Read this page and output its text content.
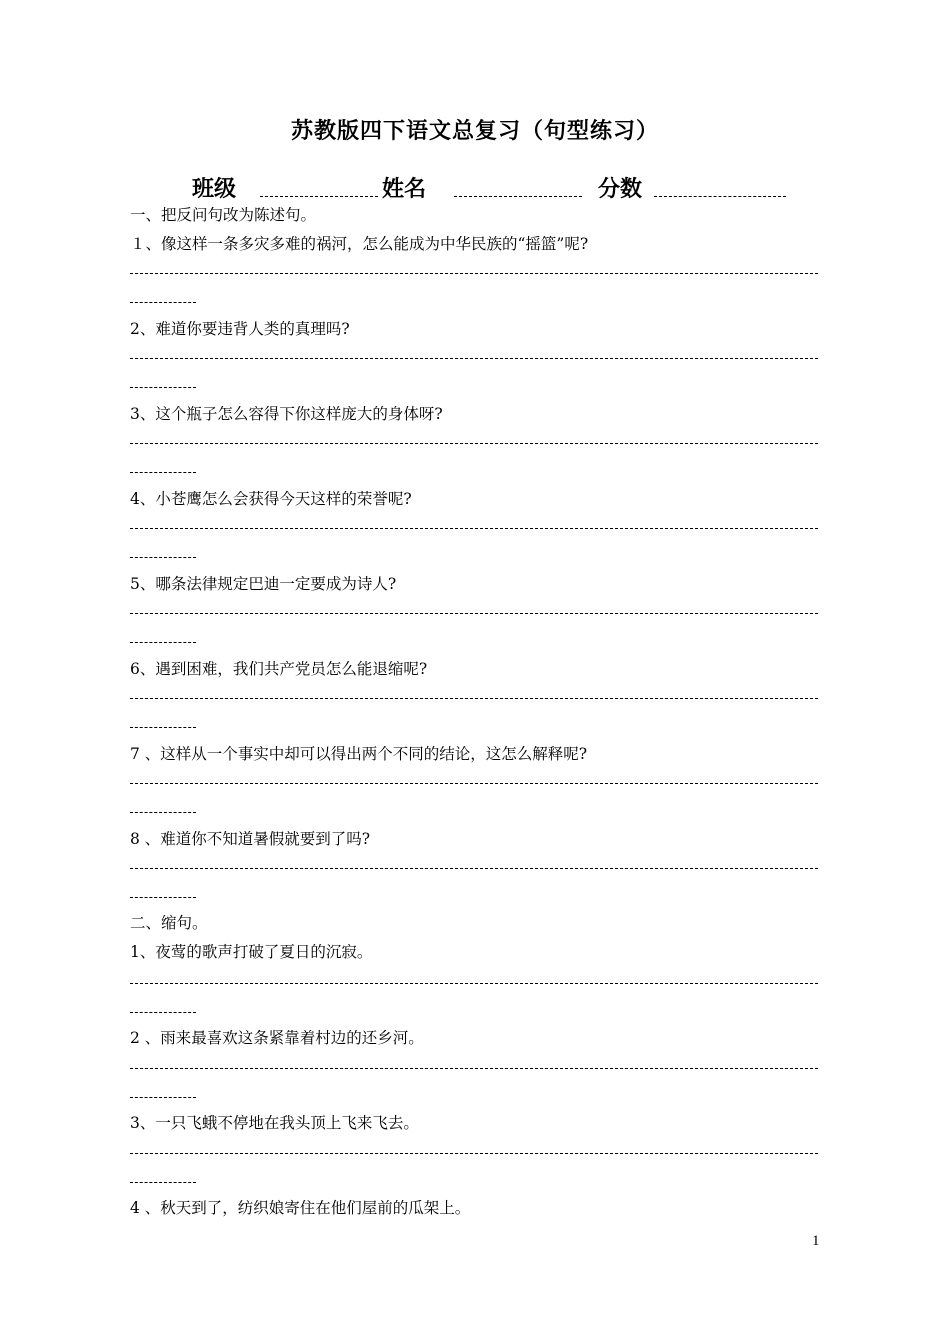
苏教版四下语文总复习（句型练习）
班级	姓名	分数
一、把反问句改为陈述句。
１、像这样一条多灾多难的祸河，怎么能成为中华民族的“摇篮”呢?
2、难道你要违背人类的真理吗?
3、这个瓶子怎么容得下你这样庞大的身体呀?
4、小苍鹰怎么会获得今天这样的荣誉呢?
5、哪条法律规定巴迪一定要成为诗人?
6、遇到困难，我们共产党员怎么能退缩呢?
7 、这样从一个事实中却可以得出两个不同的结论，这怎么解释呢?
8 、难道你不知道暑假就要到了吗?
二、缩句。
1、夜莺的歌声打破了夏日的沉寂。
2 、雨来最喜欢这条紧靠着村边的还乡河。
3、一只飞蛾不停地在我头顶上飞来飞去。
4 、秋天到了，纺织娘寄住在他们屋前的瓜架上。
1
